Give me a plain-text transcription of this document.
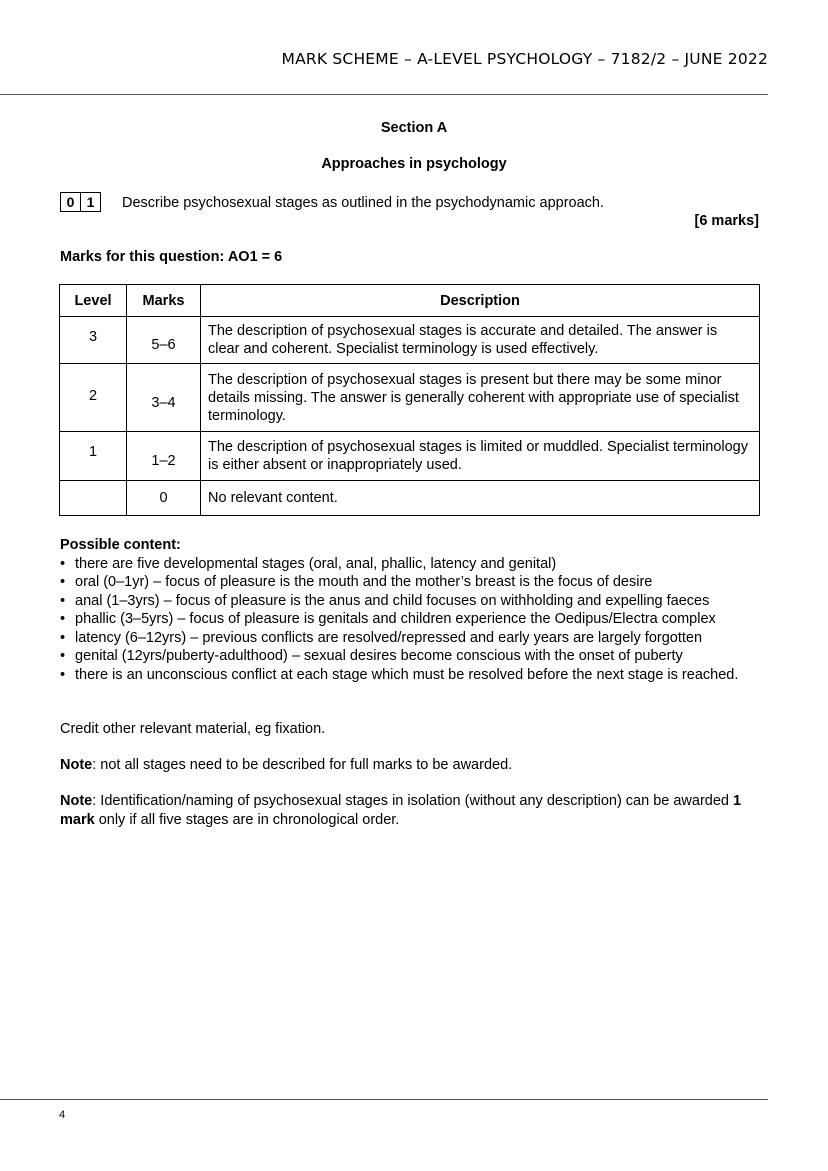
MARK SCHEME – A-LEVEL PSYCHOLOGY – 7182/2 – JUNE 2022
Section A
Approaches in psychology
0 1	Describe psychosexual stages as outlined in the psychodynamic approach.
[6 marks]
Marks for this question: AO1 = 6
Level	Marks	Description
3	5–6	The description of psychosexual stages is accurate and detailed. The answer is clear and coherent. Specialist terminology is used effectively.
2	3–4	The description of psychosexual stages is present but there may be some minor details missing. The answer is generally coherent with appropriate use of specialist terminology.
1	1–2	The description of psychosexual stages is limited or muddled. Specialist terminology is either absent or inappropriately used.
	0	No relevant content.
Possible content:
• there are five developmental stages (oral, anal, phallic, latency and genital)
• oral (0–1yr) – focus of pleasure is the mouth and the mother’s breast is the focus of desire
• anal (1–3yrs) – focus of pleasure is the anus and child focuses on withholding and expelling faeces
• phallic (3–5yrs) – focus of pleasure is genitals and children experience the Oedipus/Electra complex
• latency (6–12yrs) – previous conflicts are resolved/repressed and early years are largely forgotten
• genital (12yrs/puberty-adulthood) – sexual desires become conscious with the onset of puberty
• there is an unconscious conflict at each stage which must be resolved before the next stage is reached.
Credit other relevant material, eg fixation.
Note: not all stages need to be described for full marks to be awarded.
Note: Identification/naming of psychosexual stages in isolation (without any description) can be awarded 1 mark only if all five stages are in chronological order.
4
